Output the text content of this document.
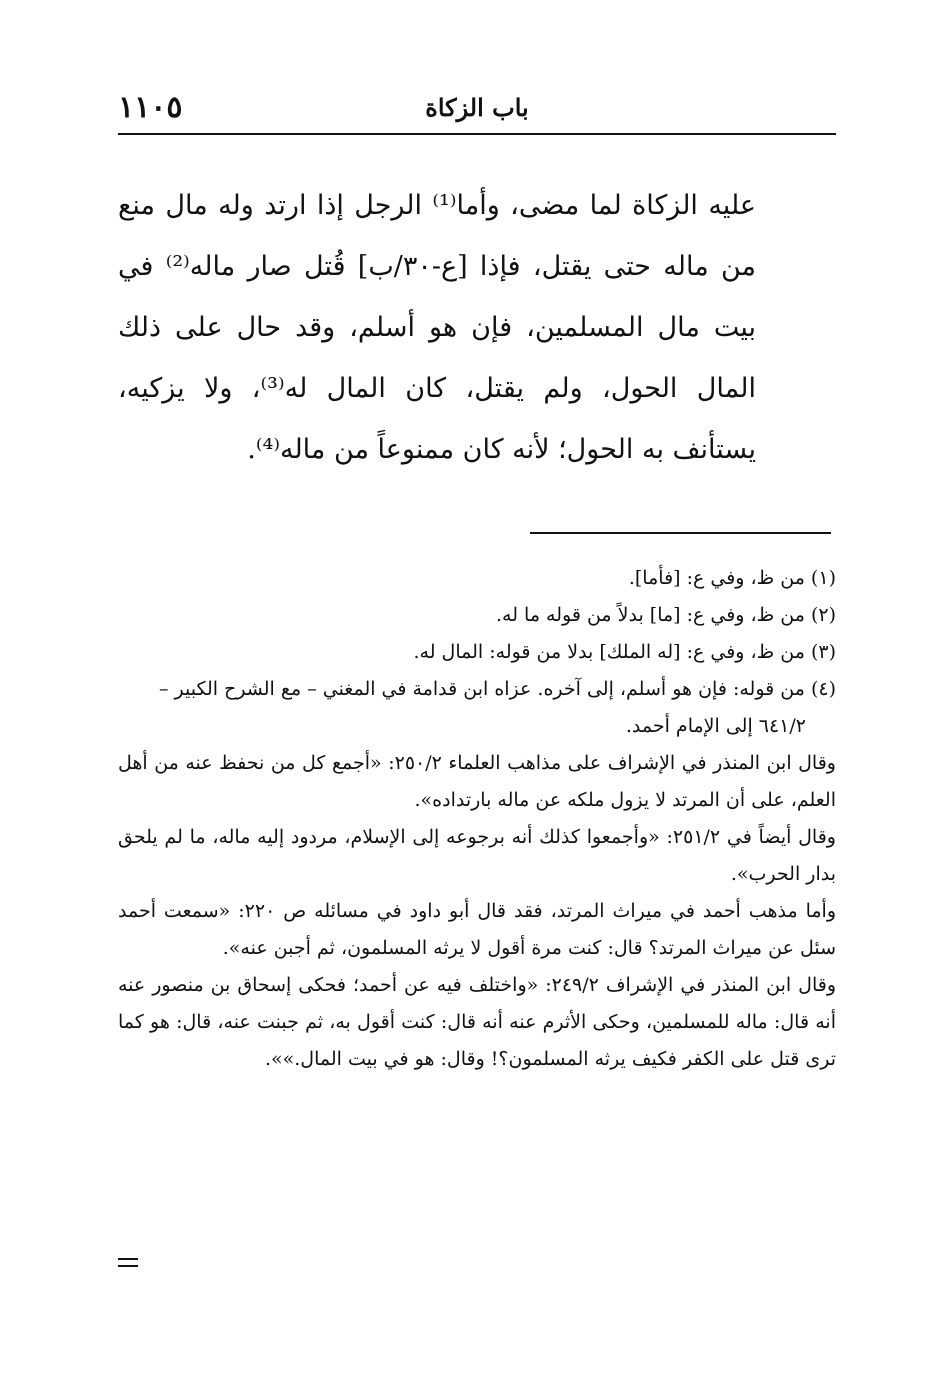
١١٠٥	باب الزكاة

عليه الزكاة لما مضى، وأما⁽¹⁾ الرجل إذا ارتد وله مال منع من ماله حتى يقتل، فإذا [ع-٣٠/ب] قُتل صار ماله⁽²⁾ في بيت مال المسلمين، فإن هو أسلم، وقد حال على ذلك المال الحول، ولم يقتل، كان المال له⁽³⁾، ولا يزكيه، يستأنف به الحول؛ لأنه كان ممنوعاً من ماله⁽⁴⁾.

(١) من ظ، وفي ع: [فأما].

(٢) من ظ، وفي ع: [ما] بدلاً من قوله ما له.

(٣) من ظ، وفي ع: [له الملك] بدلا من قوله: المال له.

(٤) من قوله: فإن هو أسلم، إلى آخره. عزاه ابن قدامة في المغني – مع الشرح الكبير –

٦٤١/٢ إلى الإمام أحمد.

وقال ابن المنذر في الإشراف على مذاهب العلماء ٢٥٠/٢: «أجمع كل من نحفظ عنه من أهل العلم، على أن المرتد لا يزول ملكه عن ماله بارتداده».

وقال أيضاً في ٢٥١/٢: «وأجمعوا كذلك أنه برجوعه إلى الإسلام، مردود إليه ماله، ما لم يلحق بدار الحرب».

وأما مذهب أحمد في ميراث المرتد، فقد قال أبو داود في مسائله ص ٢٢٠: «سمعت أحمد سئل عن ميراث المرتد؟ قال: كنت مرة أقول لا يرثه المسلمون، ثم أجبن عنه».

وقال ابن المنذر في الإشراف ٢٤٩/٢: «واختلف فيه عن أحمد؛ فحكى إسحاق بن منصور عنه أنه قال: ماله للمسلمين، وحكى الأثرم عنه أنه قال: كنت أقول به، ثم جبنت عنه، قال: هو كما ترى قتل على الكفر فكيف يرثه المسلمون؟! وقال: هو في بيت المال.»».
